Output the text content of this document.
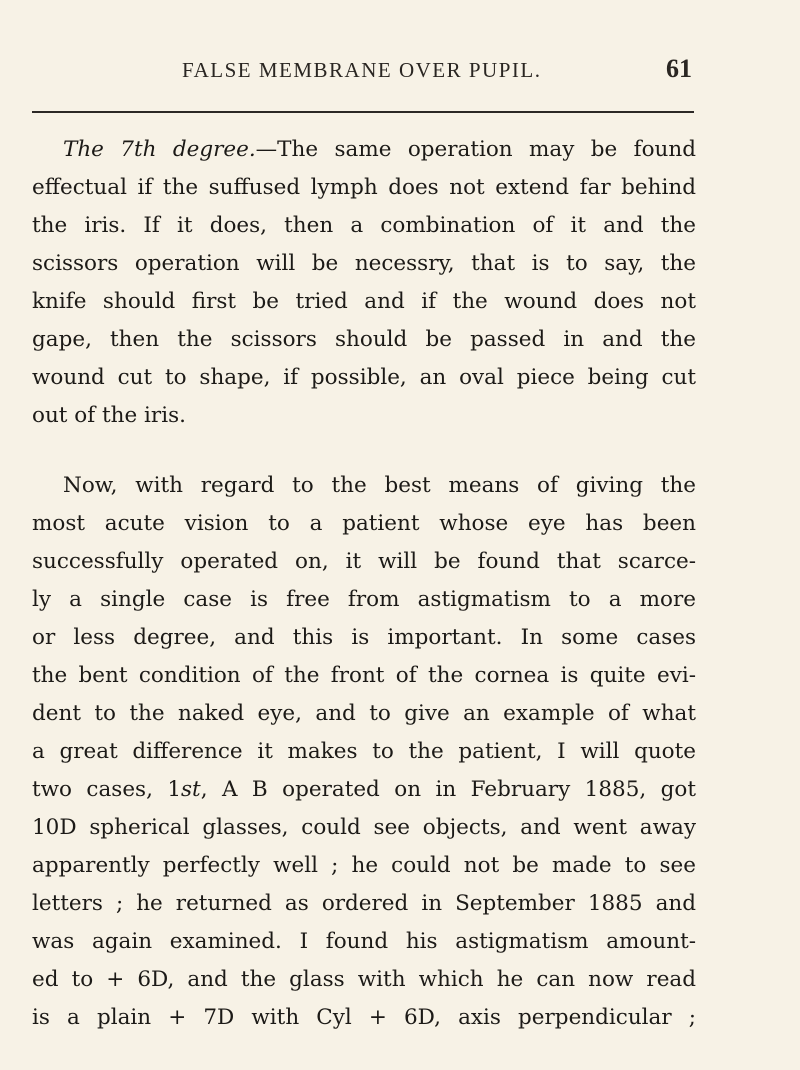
FALSE MEMBRANE OVER PUPIL.	61
The 7th degree.—The same operation may be found
effectual if the suffused lymph does not extend far behind
the iris. If it does, then a combination of it and the
scissors operation will be necessry, that is to say, the
knife should first be tried and if the wound does not
gape, then the scissors should be passed in and the
wound cut to shape, if possible, an oval piece being cut
out of the iris.
Now, with regard to the best means of giving the
most acute vision to a patient whose eye has been
successfully operated on, it will be found that scarce-
ly a single case is free from astigmatism to a more
or less degree, and this is important. In some cases
the bent condition of the front of the cornea is quite evi-
dent to the naked eye, and to give an example of what
a great difference it makes to the patient, I will quote
two cases, 1st, A B operated on in February 1885, got
10D spherical glasses, could see objects, and went away
apparently perfectly well ; he could not be made to see
letters ; he returned as ordered in September 1885 and
was again examined. I found his astigmatism amount-
ed to + 6D, and the glass with which he can now read
is a plain + 7D with Cyl + 6D, axis perpendicular ;
